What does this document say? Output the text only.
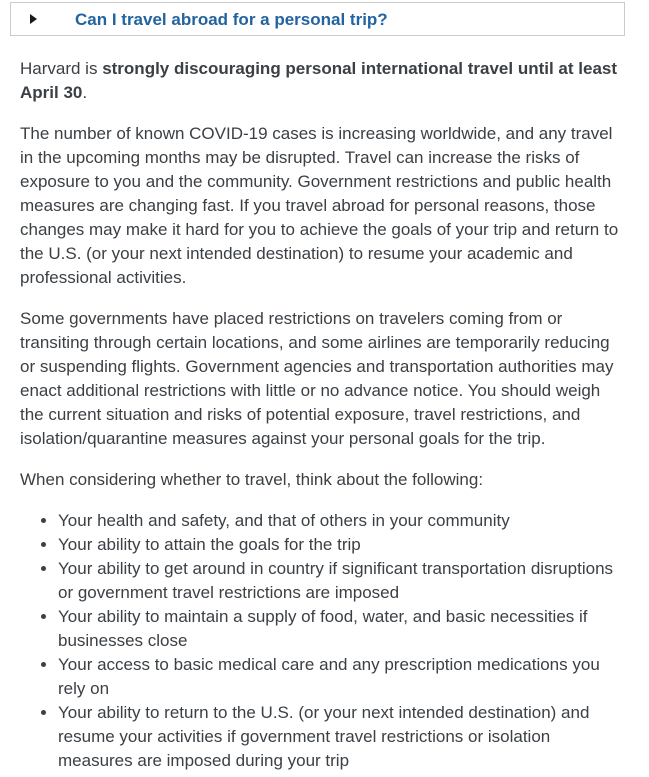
Can I travel abroad for a personal trip?

Harvard is strongly discouraging personal international travel until at least April 30.

The number of known COVID-19 cases is increasing worldwide, and any travel in the upcoming months may be disrupted. Travel can increase the risks of exposure to you and the community. Government restrictions and public health measures are changing fast. If you travel abroad for personal reasons, those changes may make it hard for you to achieve the goals of your trip and return to the U.S. (or your next intended destination) to resume your academic and professional activities.

Some governments have placed restrictions on travelers coming from or transiting through certain locations, and some airlines are temporarily reducing or suspending flights. Government agencies and transportation authorities may enact additional restrictions with little or no advance notice. You should weigh the current situation and risks of potential exposure, travel restrictions, and isolation/quarantine measures against your personal goals for the trip.

When considering whether to travel, think about the following:

• Your health and safety, and that of others in your community
• Your ability to attain the goals for the trip
• Your ability to get around in country if significant transportation disruptions or government travel restrictions are imposed
• Your ability to maintain a supply of food, water, and basic necessities if businesses close
• Your access to basic medical care and any prescription medications you rely on
• Your ability to return to the U.S. (or your next intended destination) and resume your activities if government travel restrictions or isolation measures are imposed during your trip
